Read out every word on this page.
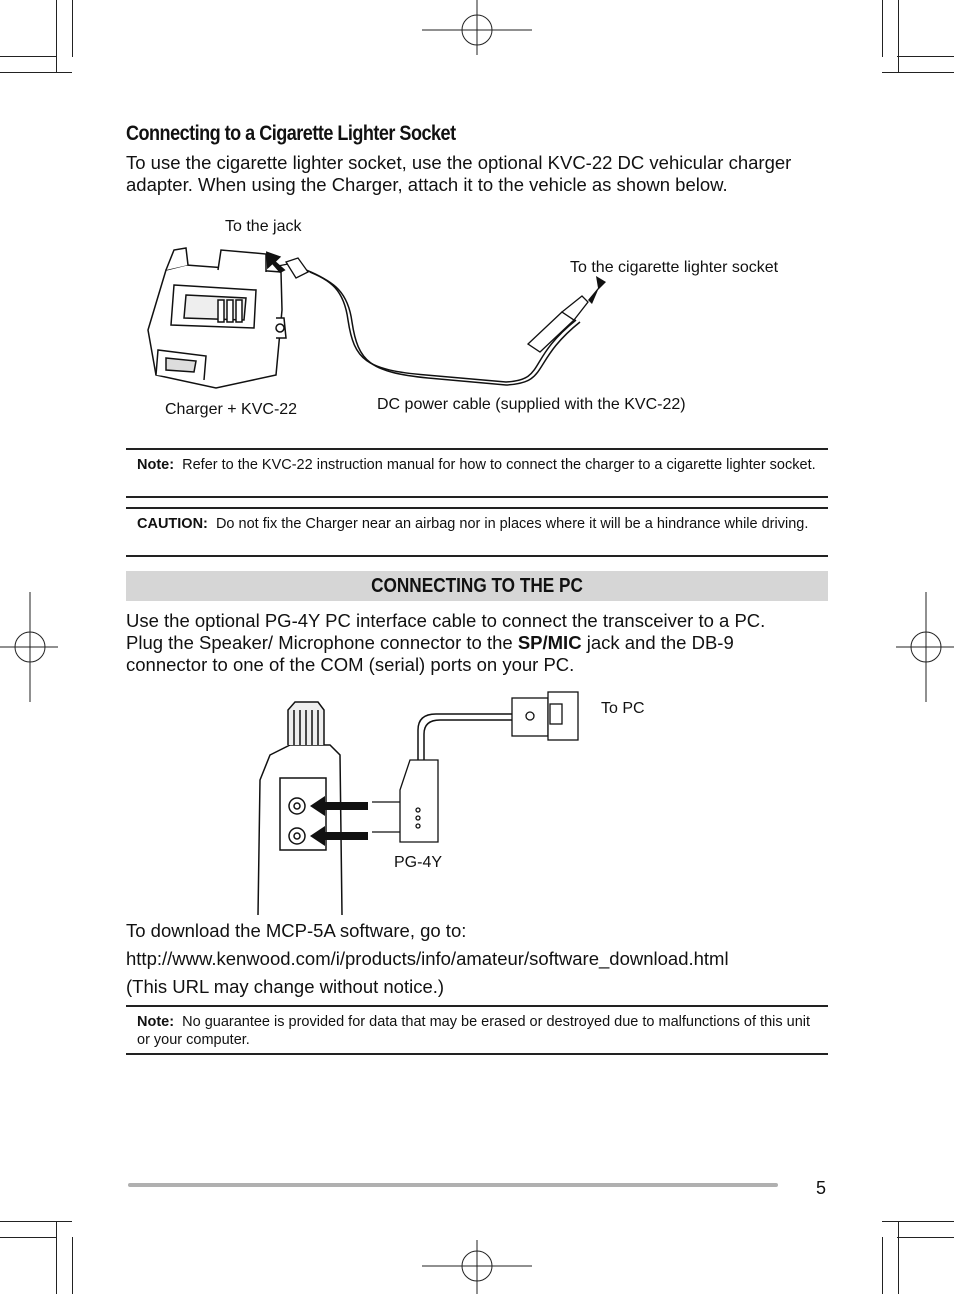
Connecting to a Cigarette Lighter Socket

To use the cigarette lighter socket, use the optional KVC-22 DC vehicular charger

adapter. When using the Charger, attach it to the vehicle as shown below.

To the jack
To the cigarette lighter socket
Charger + KVC-22	DC power cable (supplied with the KVC-22)
Note: Refer to the KVC-22 instruction manual for how to connect the charger to a cigarette lighter socket.
CAUTION: Do not fix the Charger near an airbag nor in places where it will be a hindrance while driving.
CONNECTING TO THE PC

Use the optional PG-4Y PC interface cable to connect the transceiver to a PC.

Plug the Speaker/ Microphone connector to the SP/MIC jack and the DB-9

connector to one of the COM (serial) ports on your PC.

To PC
PG-4Y

To download the MCP-5A software, go to:

http://www.kenwood.com/i/products/info/amateur/software_download.html

(This URL may change without notice.)

Note: No guarantee is provided for data that may be erased or destroyed due to malfunctions of this unit or your computer.
5
